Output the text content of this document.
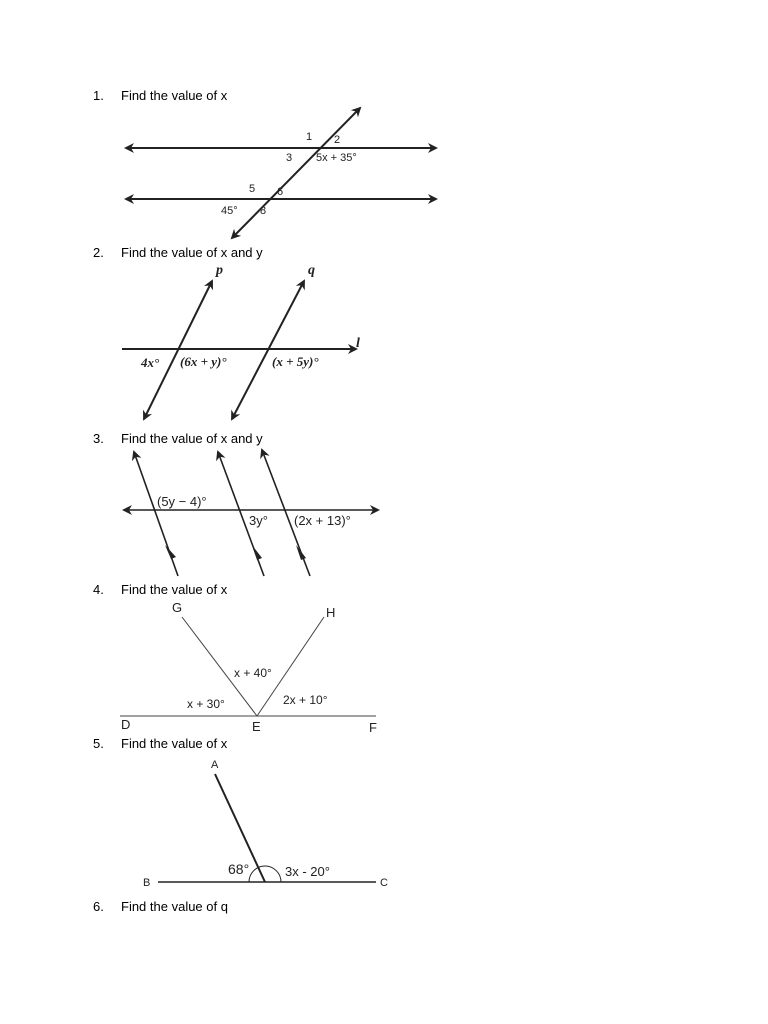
1. Find the value of x
2. Find the value of x and y
3. Find the value of x and y
4. Find the value of x
5. Find the value of x
6. Find the value of q
1 2
3 5x + 35°
5 6
45° 8
p	q
l
4x° (6x + y)°	(x + 5y)°
(5y − 4)°
3y° (2x + 13)°
G	H
D	E	F
x + 40°
x + 30°	2x + 10°
A
B	C
68°	3x - 20°
